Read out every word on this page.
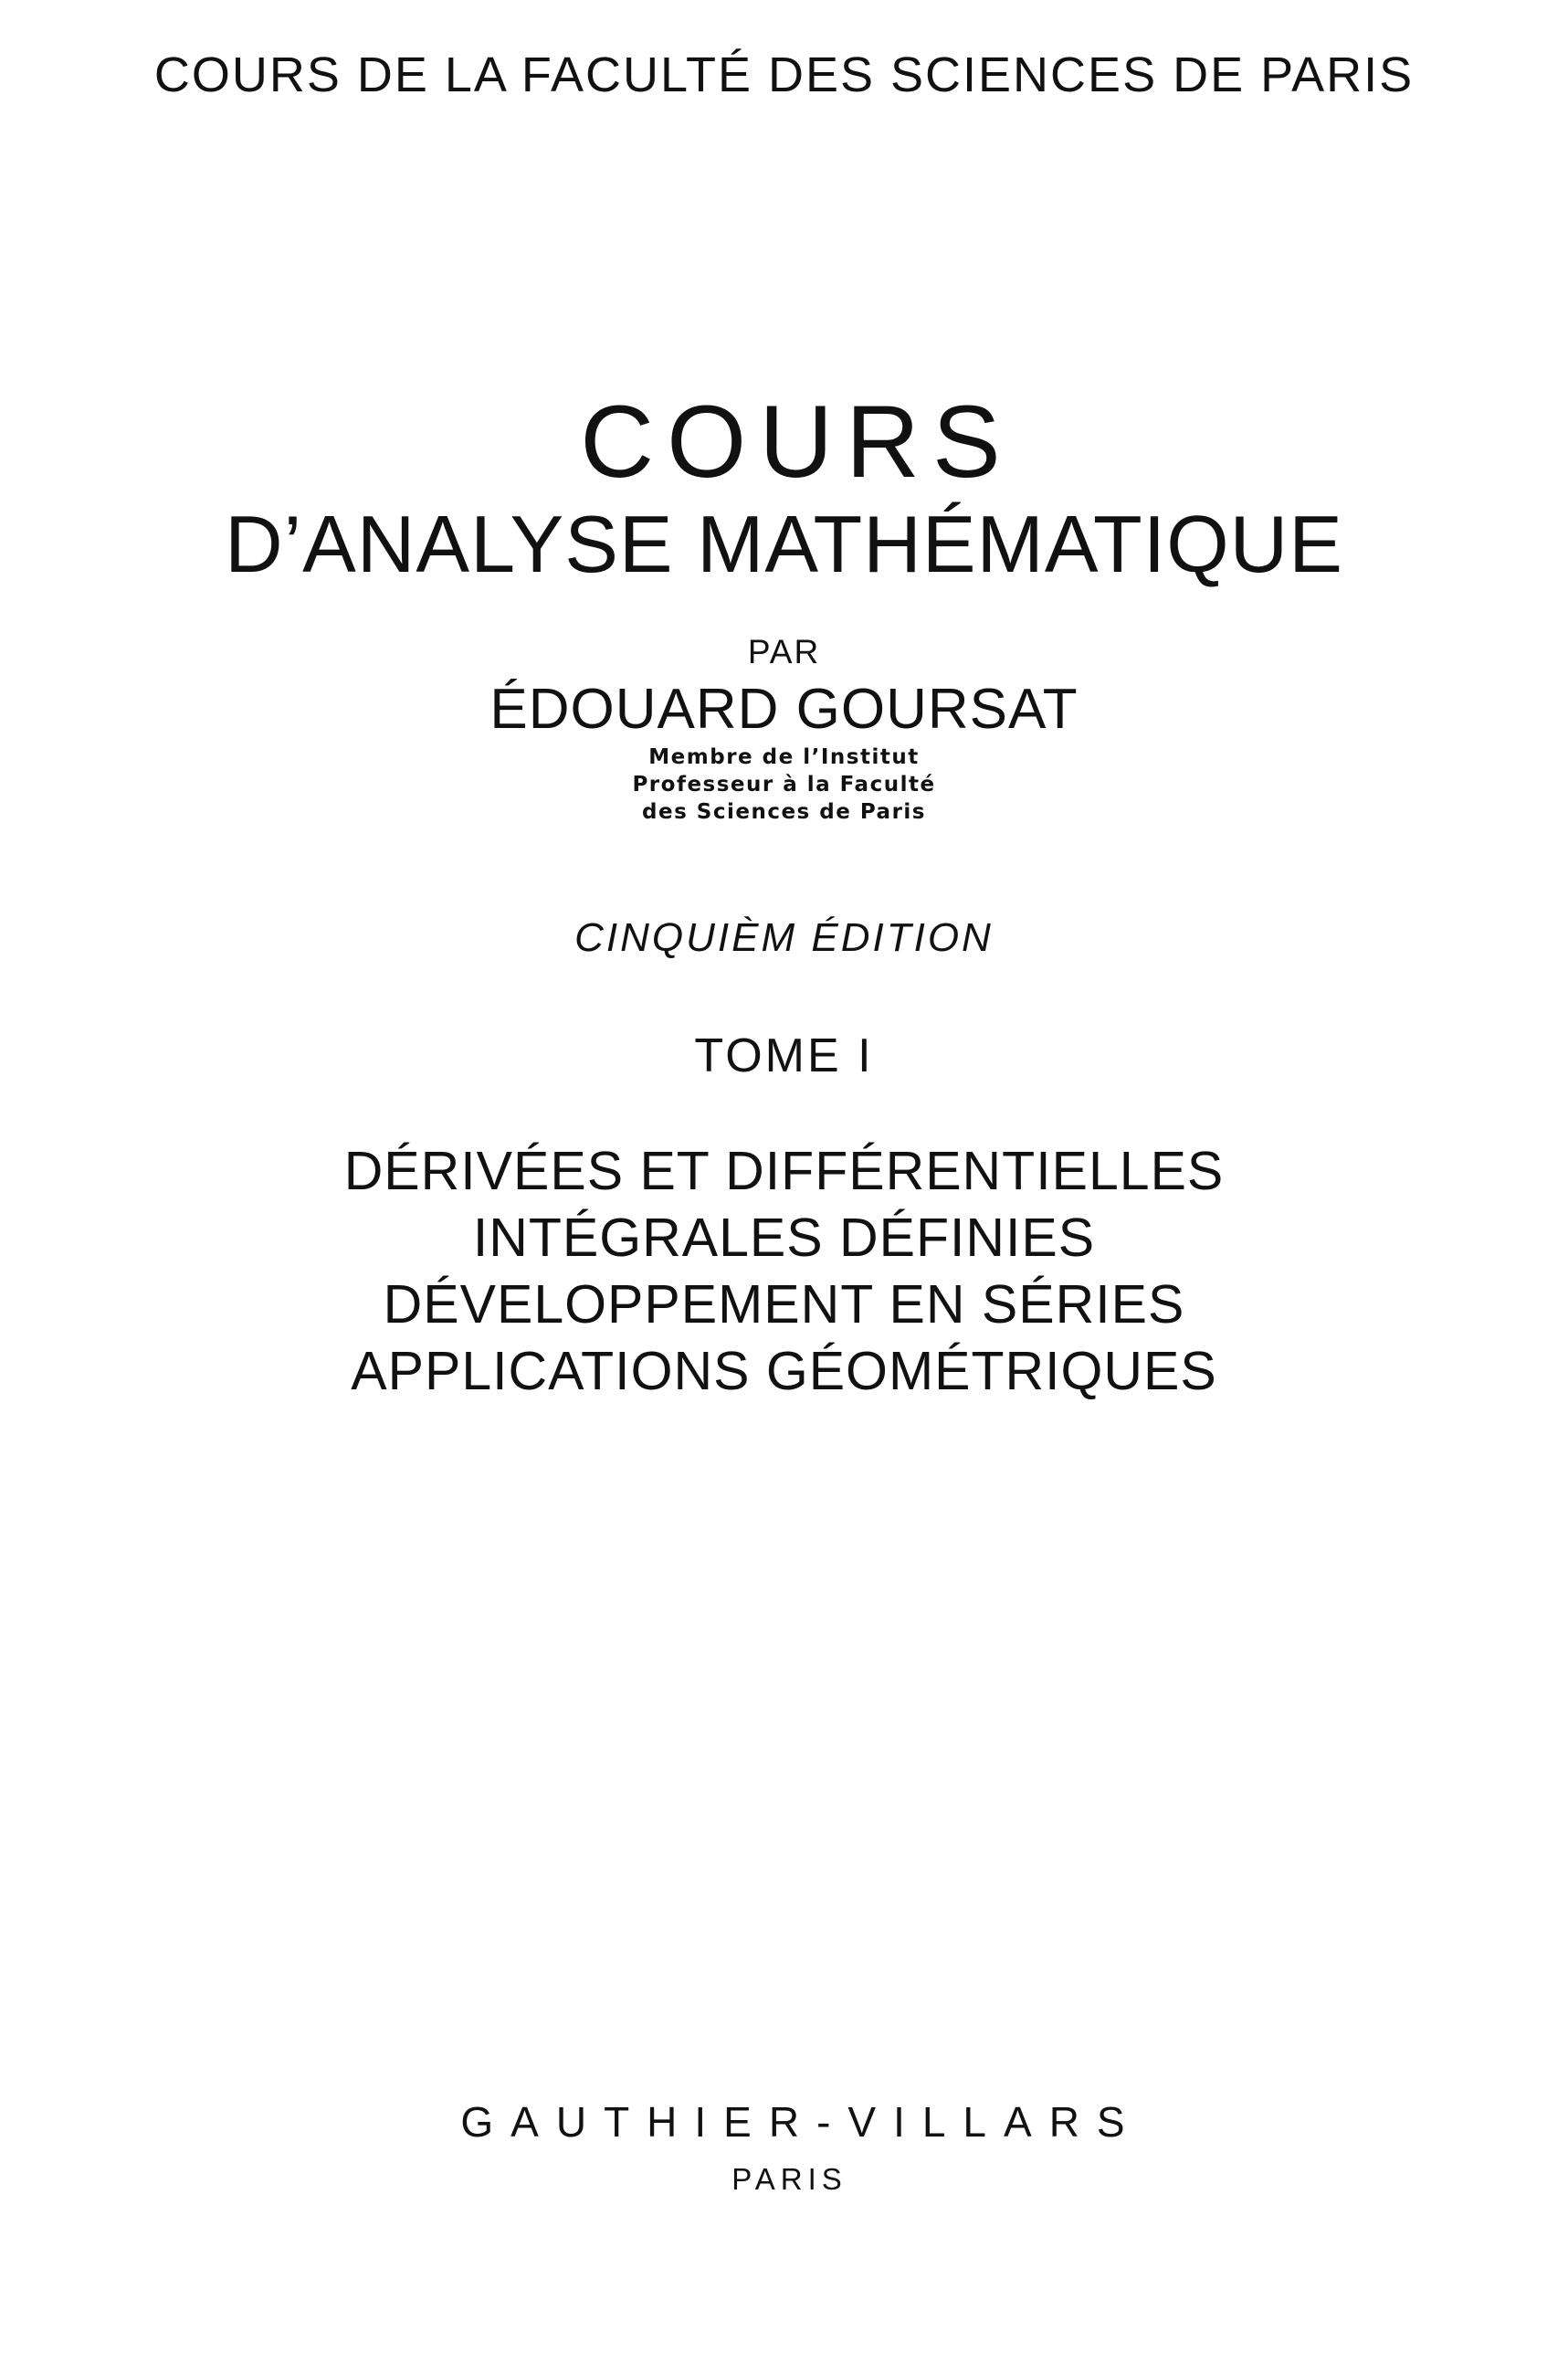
COURS DE LA FACULTÉ DES SCIENCES DE PARIS
COURS
D’ANALYSE MATHÉMATIQUE
PAR
ÉDOUARD GOURSAT
Membre de l’Institut
Professeur à la Faculté
des Sciences de Paris
CINQUIÈM ÉDITION
TOME I
DÉRIVÉES ET DIFFÉRENTIELLES
INTÉGRALES DÉFINIES
DÉVELOPPEMENT EN SÉRIES
APPLICATIONS GÉOMÉTRIQUES
GAUTHIER-VILLARS
PARIS
